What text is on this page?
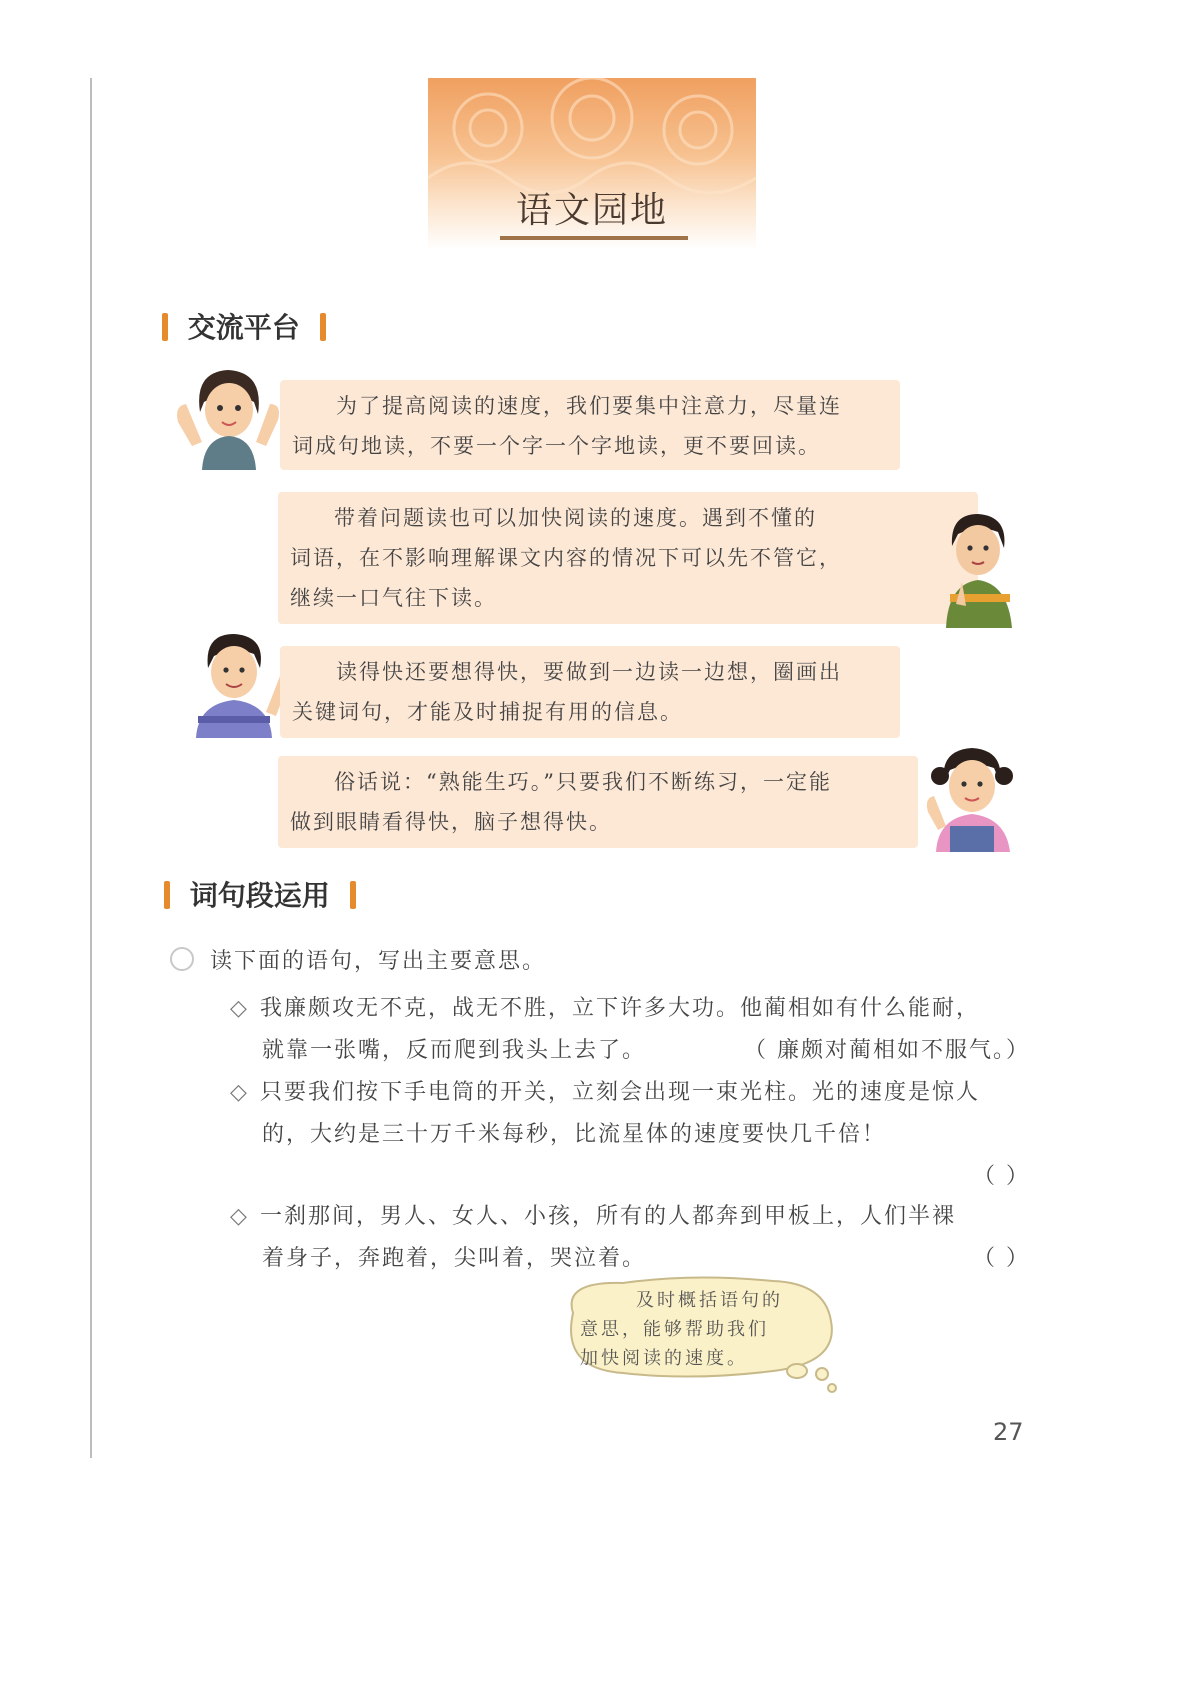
语文园地
交流平台

为了提高阅读的速度，我们要集中注意力，尽量连

词成句地读，不要一个字一个字地读，更不要回读。

带着问题读也可以加快阅读的速度。遇到不懂的

词语，在不影响理解课文内容的情况下可以先不管它，

继续一口气往下读。

读得快还要想得快，要做到一边读一边想，圈画出

关键词句，才能及时捕捉有用的信息。

俗话说：“熟能生巧。”只要我们不断练习，一定能

做到眼睛看得快，脑子想得快。

词句段运用
读下面的语句，写出主要意思。
◇ 我廉颇攻无不克，战无不胜，立下许多大功。他蔺相如有什么能耐，
就靠一张嘴，反而爬到我头上去了。	（ 廉颇对蔺相如不服气。）
◇ 只要我们按下手电筒的开关，立刻会出现一束光柱。光的速度是惊人
的，大约是三十万千米每秒，比流星体的速度要快几千倍！
（ ）
◇ 一刹那间，男人、女人、小孩，所有的人都奔到甲板上，人们半裸
着身子，奔跑着，尖叫着，哭泣着。	（ ）
及时概括语句的
意思，能够帮助我们
加快阅读的速度。
27
